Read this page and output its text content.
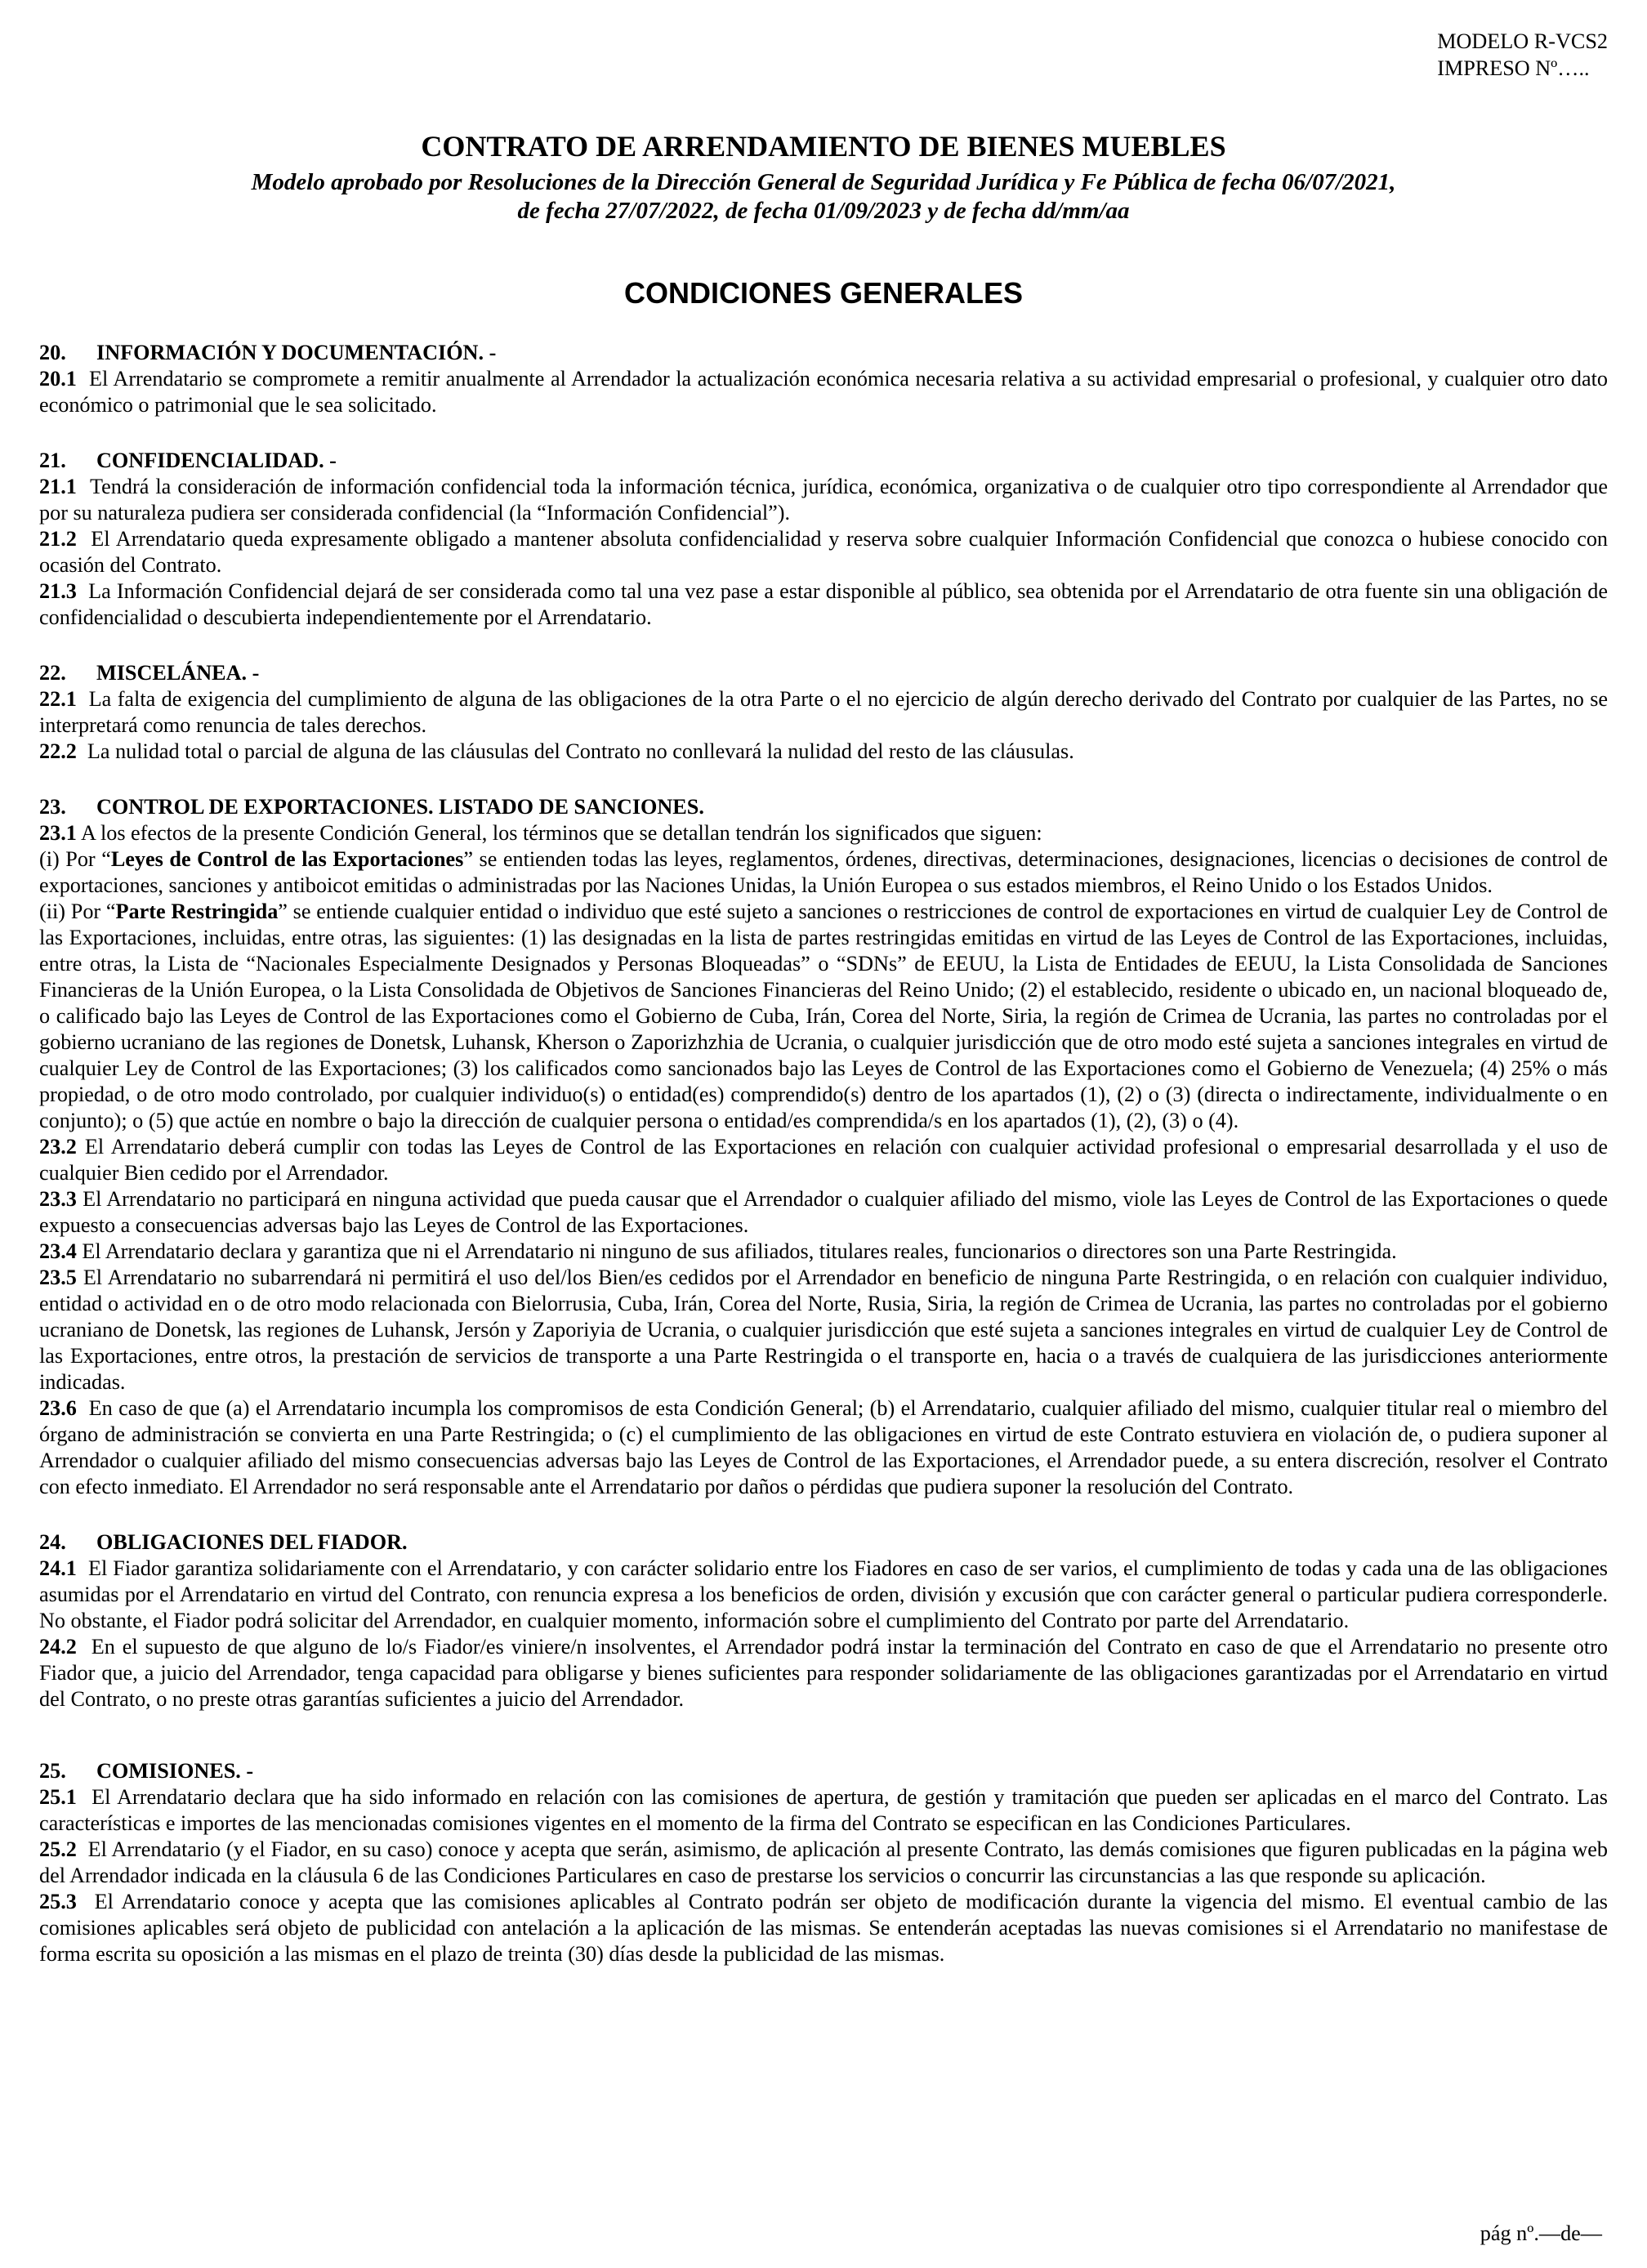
MODELO R-VCS2
IMPRESO Nº…..

CONTRATO DE ARRENDAMIENTO DE BIENES MUEBLES

Modelo aprobado por Resoluciones de la Dirección General de Seguridad Jurídica y Fe Pública de fecha 06/07/2021,
de fecha 27/07/2022, de fecha 01/09/2023 y de fecha dd/mm/aa

CONDICIONES GENERALES

20. INFORMACIÓN Y DOCUMENTACIÓN. -

20.1 El Arrendatario se compromete a remitir anualmente al Arrendador la actualización económica necesaria relativa a su actividad empresarial o profesional, y cualquier otro dato económico o patrimonial que le sea solicitado.

21. CONFIDENCIALIDAD. -

21.1 Tendrá la consideración de información confidencial toda la información técnica, jurídica, económica, organizativa o de cualquier otro tipo correspondiente al Arrendador que por su naturaleza pudiera ser considerada confidencial (la “Información Confidencial”).

21.2 El Arrendatario queda expresamente obligado a mantener absoluta confidencialidad y reserva sobre cualquier Información Confidencial que conozca o hubiese conocido con ocasión del Contrato.

21.3 La Información Confidencial dejará de ser considerada como tal una vez pase a estar disponible al público, sea obtenida por el Arrendatario de otra fuente sin una obligación de confidencialidad o descubierta independientemente por el Arrendatario.

22. MISCELÁNEA. -

22.1 La falta de exigencia del cumplimiento de alguna de las obligaciones de la otra Parte o el no ejercicio de algún derecho derivado del Contrato por cualquier de las Partes, no se interpretará como renuncia de tales derechos.

22.2 La nulidad total o parcial de alguna de las cláusulas del Contrato no conllevará la nulidad del resto de las cláusulas.

23. CONTROL DE EXPORTACIONES. LISTADO DE SANCIONES.

23.1 A los efectos de la presente Condición General, los términos que se detallan tendrán los significados que siguen:

(i) Por “Leyes de Control de las Exportaciones” se entienden todas las leyes, reglamentos, órdenes, directivas, determinaciones, designaciones, licencias o decisiones de control de exportaciones, sanciones y antiboicot emitidas o administradas por las Naciones Unidas, la Unión Europea o sus estados miembros, el Reino Unido o los Estados Unidos.

(ii) Por “Parte Restringida” se entiende cualquier entidad o individuo que esté sujeto a sanciones o restricciones de control de exportaciones en virtud de cualquier Ley de Control de las Exportaciones, incluidas, entre otras, las siguientes: (1) las designadas en la lista de partes restringidas emitidas en virtud de las Leyes de Control de las Exportaciones, incluidas, entre otras, la Lista de “Nacionales Especialmente Designados y Personas Bloqueadas” o “SDNs” de EEUU, la Lista de Entidades de EEUU, la Lista Consolidada de Sanciones Financieras de la Unión Europea, o la Lista Consolidada de Objetivos de Sanciones Financieras del Reino Unido; (2) el establecido, residente o ubicado en, un nacional bloqueado de, o calificado bajo las Leyes de Control de las Exportaciones como el Gobierno de Cuba, Irán, Corea del Norte, Siria, la región de Crimea de Ucrania, las partes no controladas por el gobierno ucraniano de las regiones de Donetsk, Luhansk, Kherson o Zaporizhzhia de Ucrania, o cualquier jurisdicción que de otro modo esté sujeta a sanciones integrales en virtud de cualquier Ley de Control de las Exportaciones; (3) los calificados como sancionados bajo las Leyes de Control de las Exportaciones como el Gobierno de Venezuela; (4) 25% o más propiedad, o de otro modo controlado, por cualquier individuo(s) o entidad(es) comprendido(s) dentro de los apartados (1), (2) o (3) (directa o indirectamente, individualmente o en conjunto); o (5) que actúe en nombre o bajo la dirección de cualquier persona o entidad/es comprendida/s en los apartados (1), (2), (3) o (4).

23.2 El Arrendatario deberá cumplir con todas las Leyes de Control de las Exportaciones en relación con cualquier actividad profesional o empresarial desarrollada y el uso de cualquier Bien cedido por el Arrendador.

23.3 El Arrendatario no participará en ninguna actividad que pueda causar que el Arrendador o cualquier afiliado del mismo, viole las Leyes de Control de las Exportaciones o quede expuesto a consecuencias adversas bajo las Leyes de Control de las Exportaciones.

23.4 El Arrendatario declara y garantiza que ni el Arrendatario ni ninguno de sus afiliados, titulares reales, funcionarios o directores son una Parte Restringida.

23.5 El Arrendatario no subarrendará ni permitirá el uso del/los Bien/es cedidos por el Arrendador en beneficio de ninguna Parte Restringida, o en relación con cualquier individuo, entidad o actividad en o de otro modo relacionada con Bielorrusia, Cuba, Irán, Corea del Norte, Rusia, Siria, la región de Crimea de Ucrania, las partes no controladas por el gobierno ucraniano de Donetsk, las regiones de Luhansk, Jersón y Zaporiyia de Ucrania, o cualquier jurisdicción que esté sujeta a sanciones integrales en virtud de cualquier Ley de Control de las Exportaciones, entre otros, la prestación de servicios de transporte a una Parte Restringida o el transporte en, hacia o a través de cualquiera de las jurisdicciones anteriormente indicadas.

23.6 En caso de que (a) el Arrendatario incumpla los compromisos de esta Condición General; (b) el Arrendatario, cualquier afiliado del mismo, cualquier titular real o miembro del órgano de administración se convierta en una Parte Restringida; o (c) el cumplimiento de las obligaciones en virtud de este Contrato estuviera en violación de, o pudiera suponer al Arrendador o cualquier afiliado del mismo consecuencias adversas bajo las Leyes de Control de las Exportaciones, el Arrendador puede, a su entera discreción, resolver el Contrato con efecto inmediato. El Arrendador no será responsable ante el Arrendatario por daños o pérdidas que pudiera suponer la resolución del Contrato.

24. OBLIGACIONES DEL FIADOR.

24.1 El Fiador garantiza solidariamente con el Arrendatario, y con carácter solidario entre los Fiadores en caso de ser varios, el cumplimiento de todas y cada una de las obligaciones asumidas por el Arrendatario en virtud del Contrato, con renuncia expresa a los beneficios de orden, división y excusión que con carácter general o particular pudiera corresponderle. No obstante, el Fiador podrá solicitar del Arrendador, en cualquier momento, información sobre el cumplimiento del Contrato por parte del Arrendatario.

24.2 En el supuesto de que alguno de lo/s Fiador/es viniere/n insolventes, el Arrendador podrá instar la terminación del Contrato en caso de que el Arrendatario no presente otro Fiador que, a juicio del Arrendador, tenga capacidad para obligarse y bienes suficientes para responder solidariamente de las obligaciones garantizadas por el Arrendatario en virtud del Contrato, o no preste otras garantías suficientes a juicio del Arrendador.

25. COMISIONES. -

25.1 El Arrendatario declara que ha sido informado en relación con las comisiones de apertura, de gestión y tramitación que pueden ser aplicadas en el marco del Contrato. Las características e importes de las mencionadas comisiones vigentes en el momento de la firma del Contrato se especifican en las Condiciones Particulares.

25.2 El Arrendatario (y el Fiador, en su caso) conoce y acepta que serán, asimismo, de aplicación al presente Contrato, las demás comisiones que figuren publicadas en la página web del Arrendador indicada en la cláusula 6 de las Condiciones Particulares en caso de prestarse los servicios o concurrir las circunstancias a las que responde su aplicación.

25.3 El Arrendatario conoce y acepta que las comisiones aplicables al Contrato podrán ser objeto de modificación durante la vigencia del mismo. El eventual cambio de las comisiones aplicables será objeto de publicidad con antelación a la aplicación de las mismas. Se entenderán aceptadas las nuevas comisiones si el Arrendatario no manifestase de forma escrita su oposición a las mismas en el plazo de treinta (30) días desde la publicidad de las mismas.

pág nº.—de—
